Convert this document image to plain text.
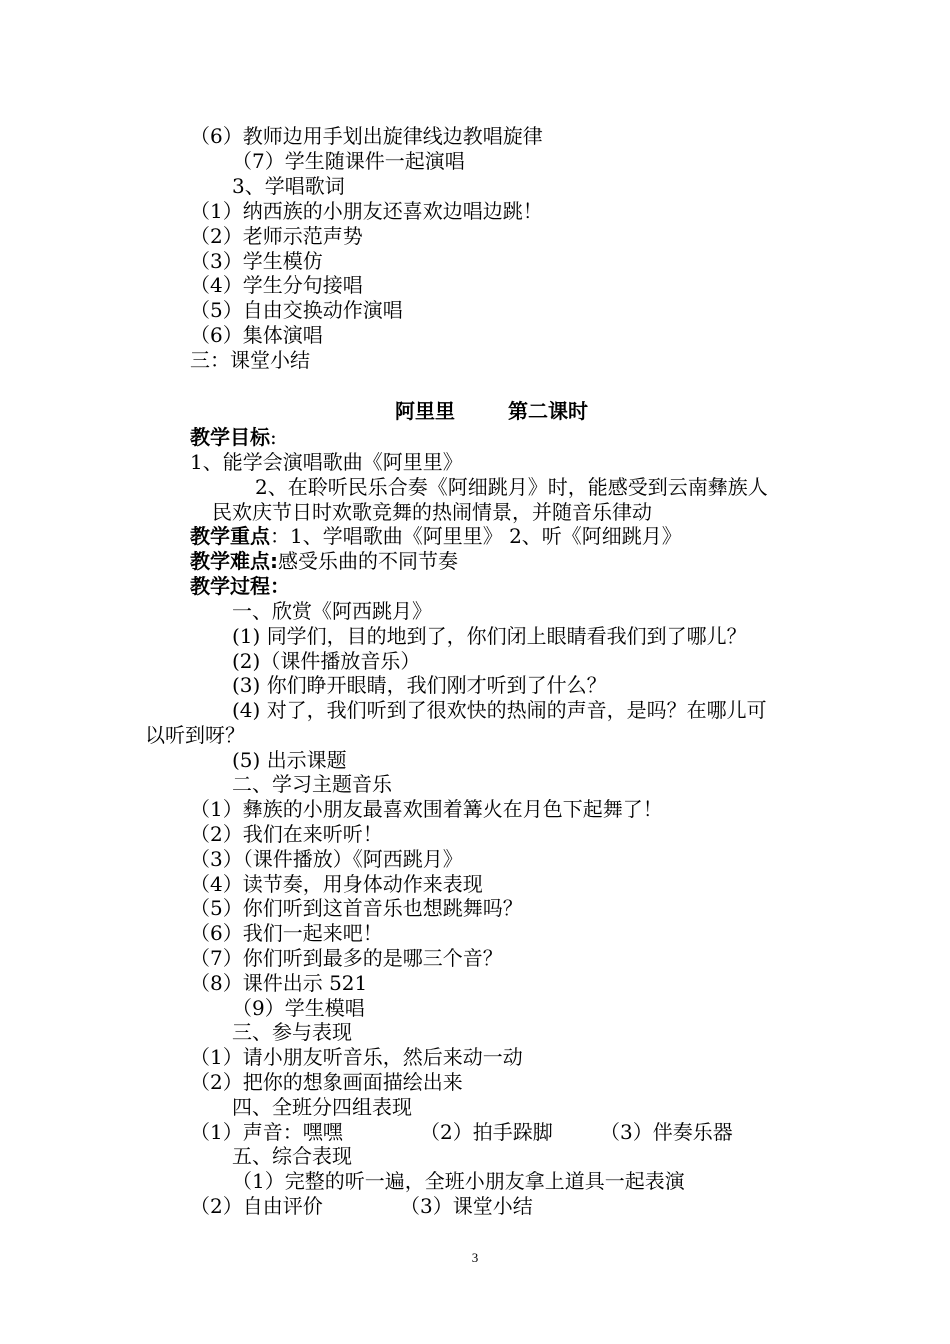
（6）教师边用手划出旋律线边教唱旋律
（7）学生随课件一起演唱
3、学唱歌词
（1）纳西族的小朋友还喜欢边唱边跳！
（2）老师示范声势
（3）学生模仿
（4）学生分句接唱
（5）自由交换动作演唱
（6）集体演唱
三：课堂小结
阿里里	第二课时
教学目标:
1、能学会演唱歌曲《阿里里》
2、在聆听民乐合奏《阿细跳月》时，能感受到云南彝族人
民欢庆节日时欢歌竞舞的热闹情景，并随音乐律动
教学重点：1、学唱歌曲《阿里里》 2、听《阿细跳月》
教学难点:感受乐曲的不同节奏
教学过程：
一、欣赏《阿西跳月》
(1) 同学们，目的地到了，你们闭上眼睛看我们到了哪儿？
(2)（课件播放音乐）
(3) 你们睁开眼睛，我们刚才听到了什么？
(4) 对了，我们听到了很欢快的热闹的声音，是吗？在哪儿可
以听到呀？
(5) 出示课题
二、学习主题音乐
（1）彝族的小朋友最喜欢围着篝火在月色下起舞了！
（2）我们在来听听！
（3）（课件播放）《阿西跳月》
（4）读节奏，用身体动作来表现
（5）你们听到这首音乐也想跳舞吗？
（6）我们一起来吧！
（7）你们听到最多的是哪三个音？
（8）课件出示 521
（9）学生模唱
三、参与表现
（1）请小朋友听音乐，然后来动一动
（2）把你的想象画面描绘出来
四、全班分四组表现
（1）声音：嘿嘿	（2）拍手跺脚 （3）伴奏乐器
五、综合表现
（1）完整的听一遍，全班小朋友拿上道具一起表演
（2）自由评价	（3）课堂小结
3
